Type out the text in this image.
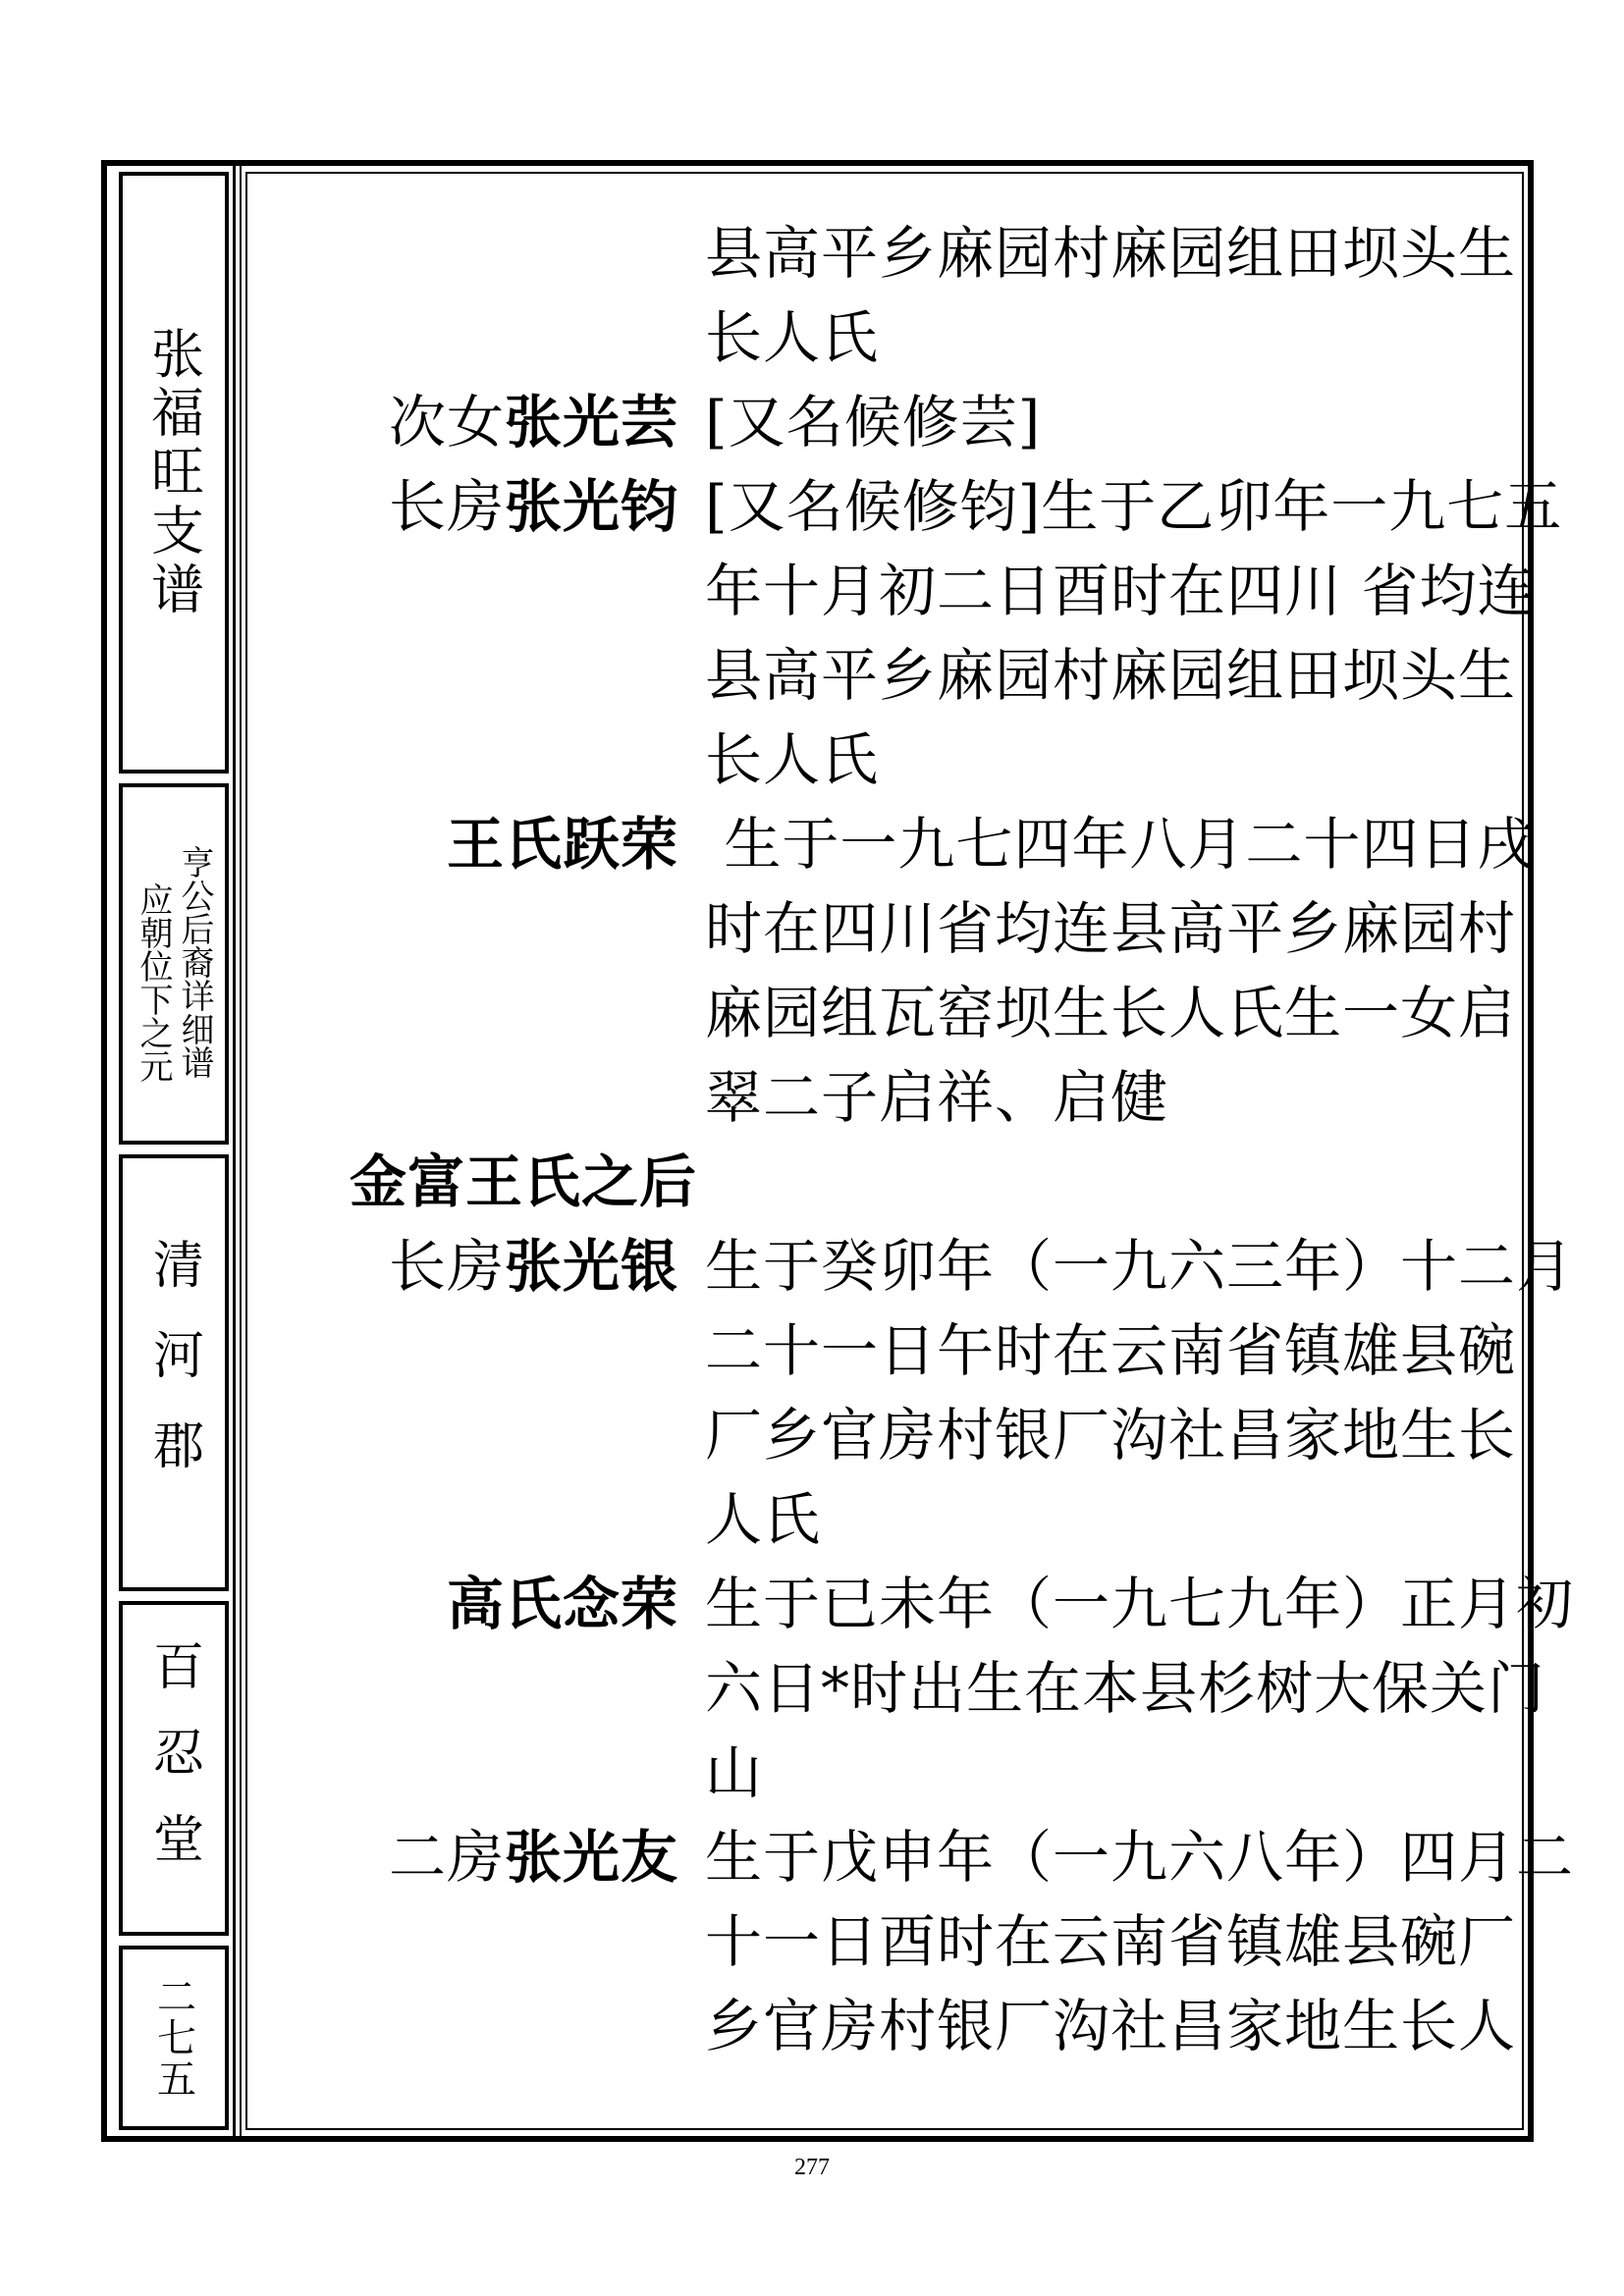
张福旺支谱
亨公后裔详细谱
应朝位下之元
清河郡
百忍堂
二七五
县高平乡麻园村麻园组田坝头生
长人氏
次女张光芸 [又名候修芸]
长房张光钧 [又名候修钧]生于乙卯年一九七五
年十月初二日酉时在四川 省均连
县高平乡麻园村麻园组田坝头生
长人氏
王氏跃荣 生于一九七四年八月二十四日戌
时在四川省均连县高平乡麻园村
麻园组瓦窑坝生长人氏生一女启
翠二子启祥、启健
金富王氏之后
长房张光银 生于癸卯年（一九六三年）十二月
二十一日午时在云南省镇雄县碗
厂乡官房村银厂沟社昌家地生长
人氏
高氏念荣 生于已未年（一九七九年）正月初
六日*时出生在本县杉树大保关门
山
二房张光友 生于戊申年（一九六八年）四月二
十一日酉时在云南省镇雄县碗厂
乡官房村银厂沟社昌家地生长人
277
